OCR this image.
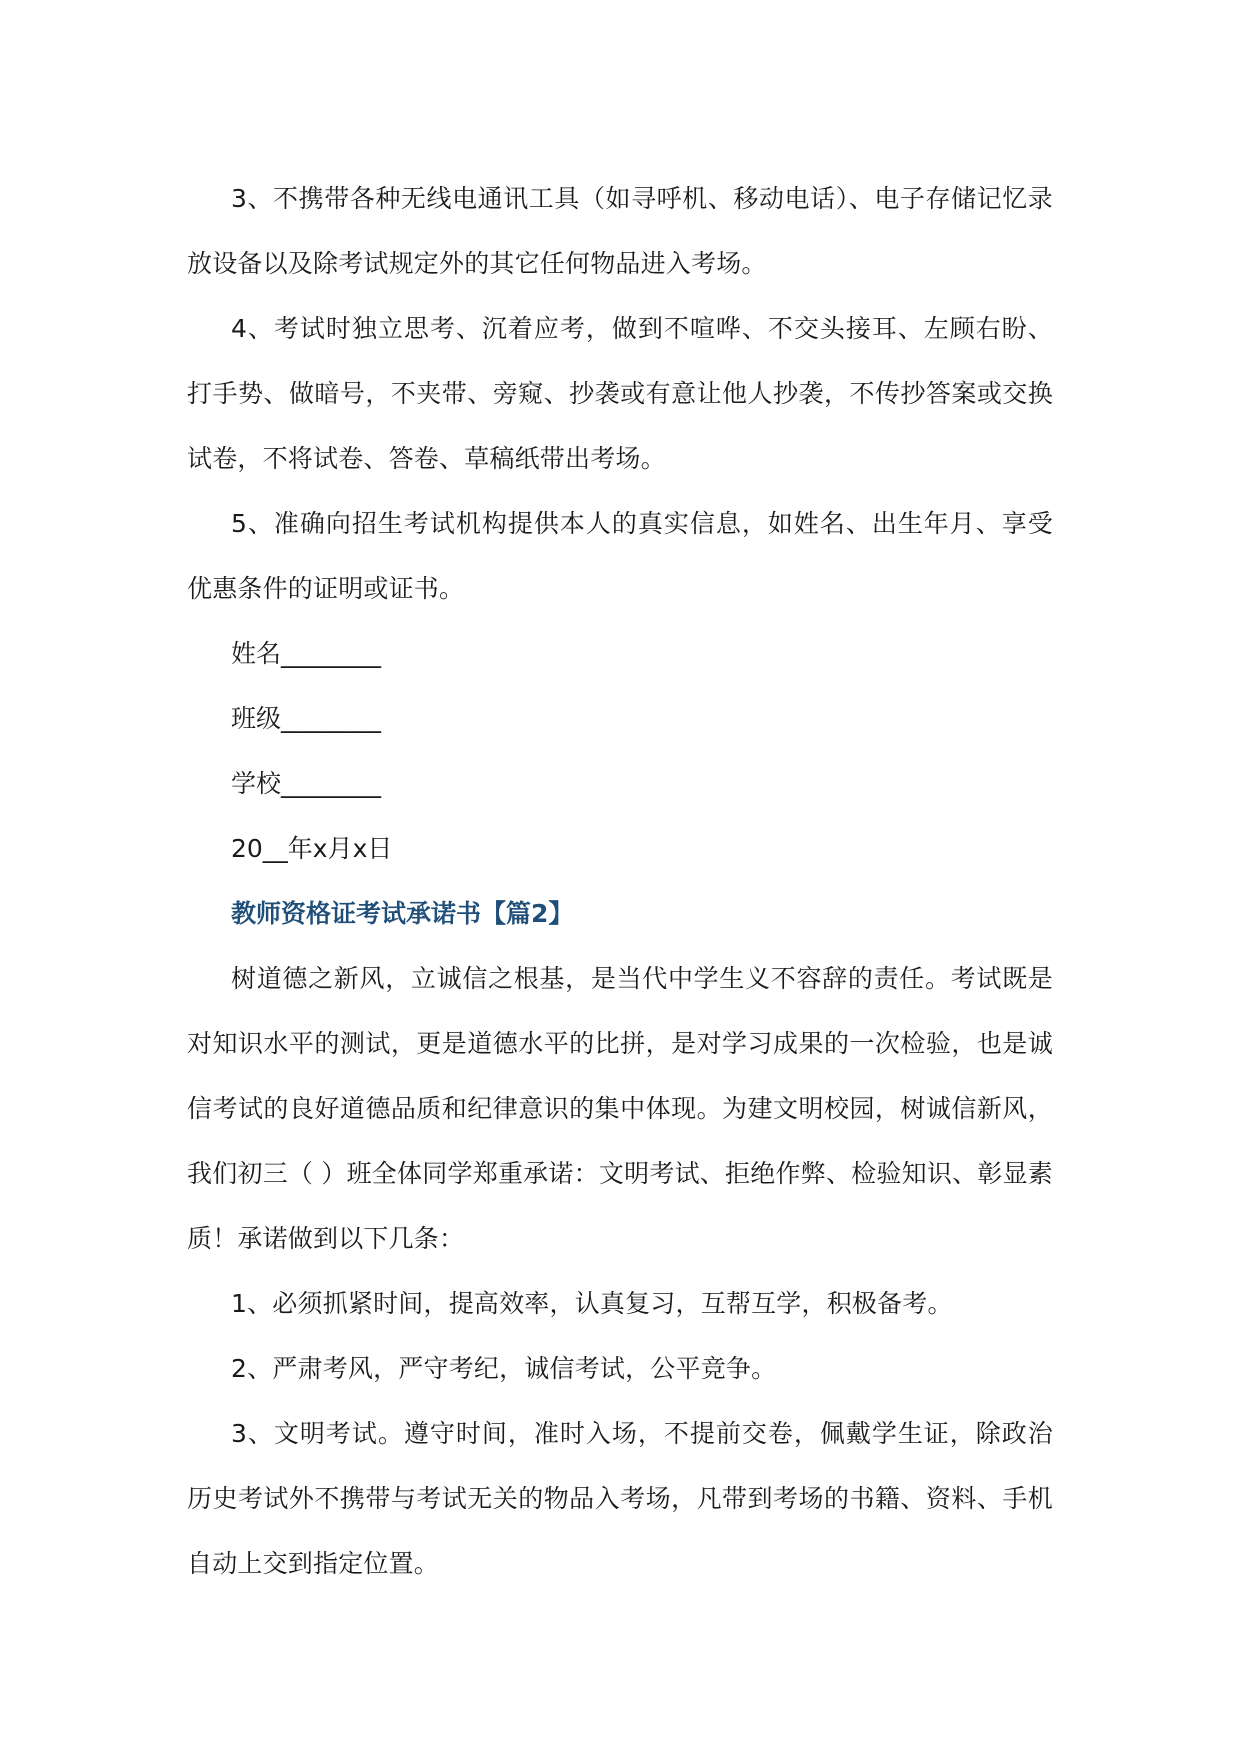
3、不携带各种无线电通讯工具（如寻呼机、移动电话）、电子存储记忆录放设备以及除考试规定外的其它任何物品进入考场。

4、考试时独立思考、沉着应考，做到不喧哗、不交头接耳、左顾右盼、打手势、做暗号，不夹带、旁窥、抄袭或有意让他人抄袭，不传抄答案或交换试卷，不将试卷、答卷、草稿纸带出考场。

5、准确向招生考试机构提供本人的真实信息，如姓名、出生年月、享受优惠条件的证明或证书。

姓名________

班级________

学校________

20__年x月x日

教师资格证考试承诺书【篇2】

树道德之新风，立诚信之根基，是当代中学生义不容辞的责任。考试既是对知识水平的测试，更是道德水平的比拼，是对学习成果的一次检验，也是诚信考试的良好道德品质和纪律意识的集中体现。为建文明校园，树诚信新风，我们初三（ ）班全体同学郑重承诺：文明考试、拒绝作弊、检验知识、彰显素质！承诺做到以下几条：

1、必须抓紧时间，提高效率，认真复习，互帮互学，积极备考。

2、严肃考风，严守考纪，诚信考试，公平竞争。

3、文明考试。遵守时间，准时入场，不提前交卷，佩戴学生证，除政治历史考试外不携带与考试无关的物品入考场，凡带到考场的书籍、资料、手机自动上交到指定位置。
